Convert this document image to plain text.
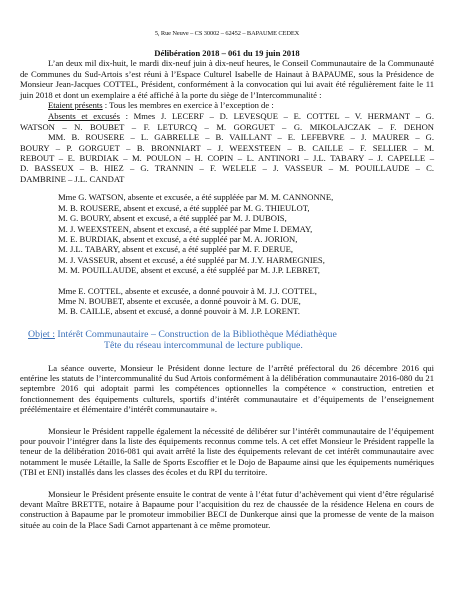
5, Rue Neuve – CS 30002 – 62452 – BAPAUME CEDEX
Délibération 2018 – 061 du 19 juin 2018

L’an deux mil dix-huit, le mardi dix-neuf juin à dix-neuf heures, le Conseil Communautaire de la Communauté de Communes du Sud-Artois s’est réuni à l’Espace Culturel Isabelle de Hainaut à BAPAUME, sous la Présidence de Monsieur Jean-Jacques COTTEL, Président, conformément à la convocation qui lui avait été régulièrement faite le 11 juin 2018 et dont un exemplaire a été affiché à la porte du siège de l’Intercommunalité :

Etaient présents : Tous les membres en exercice à l’exception de :

Absents et excusés : Mmes J. LECERF – D. LEVESQUE – E. COTTEL – V. HERMANT – G.
WATSON – N. BOUBET – F. LETURCQ – M. GORGUET – G. MIKOLAJCZAK – F. DEHON
MM. B. ROUSERE – L. GABRELLE – B. VAILLANT – E. LEFEBVRE – J. MAURER – G.
BOURY – P. GORGUET – B. BRONNIART – J. WEEXSTEEN – B. CAILLE – F. SELLIER – M.
REBOUT – E. BURDIAK – M. POULON – H. COPIN – L. ANTINORI – J.L. TABARY – J. CAPELLE –
D. BASSEUX – B. HIEZ – G. TRANNIN – F. WELELE – J. VASSEUR – M. POUILLAUDE – C.
DAMBRINE – J.L. CANDAT
Mme G. WATSON, absente et excusée, a été suppléée par M. M. CANNONNE,
M. B. ROUSERE, absent et excusé, a été suppléé par M. G. THIEULOT,
M. G. BOURY, absent et excusé, a été suppléé par M. J. DUBOIS,
M. J. WEEXSTEEN, absent et excusé, a été suppléé par Mme I. DEMAY,
M. E. BURDIAK, absent et excusé, a été suppléé par M. A. JORION,
M. J.L. TABARY, absent et excusé, a été suppléé par M. F. DERUE,
M. J. VASSEUR, absent et excusé, a été suppléé par M. J.Y. HARMEGNIES,
M. M. POUILLAUDE, absent et excusé, a été suppléé par M. J.P. LEBRET,
Mme E. COTTEL, absente et excusée, a donné pouvoir à M. J.J. COTTEL,
Mme N. BOUBET, absente et excusée, a donné pouvoir à M. G. DUE,
M. B. CAILLE, absent et excusé, a donné pouvoir à M. J.P. LORENT.
Objet : Intérêt Communautaire – Construction de la Bibliothèque Médiathèque
Tête du réseau intercommunal de lecture publique.

La séance ouverte, Monsieur le Président donne lecture de l’arrêté préfectoral du 26 décembre 2016 qui entérine les statuts de l’intercommunalité du Sud Artois conformément à la délibération communautaire 2016-080 du 21 septembre 2016 qui adoptait parmi les compétences optionnelles la compétence « construction, entretien et fonctionnement des équipements culturels, sportifs d’intérêt communautaire et d’équipements de l’enseignement préélémentaire et élémentaire d’intérêt communautaire ».

Monsieur le Président rappelle également la nécessité de délibérer sur l’intérêt communautaire de l’équipement pour pouvoir l’intégrer dans la liste des équipements reconnus comme tels. A cet effet Monsieur le Président rappelle la teneur de la délibération 2016-081 qui avait arrêté la liste des équipements relevant de cet intérêt communautaire avec notamment le musée Létaille, la Salle de Sports Escoffier et le Dojo de Bapaume ainsi que les équipements numériques (TBI et ENI) installés dans les classes des écoles et du RPI du territoire.

Monsieur le Président présente ensuite le contrat de vente à l’état futur d’achèvement qui vient d’être régularisé devant Maître BRETTE, notaire à Bapaume pour l’acquisition du rez de chaussée de la résidence Helena en cours de construction à Bapaume par le promoteur immobilier BECI de Dunkerque ainsi que la promesse de vente de la maison située au coin de la Place Sadi Carnot appartenant à ce même promoteur.
